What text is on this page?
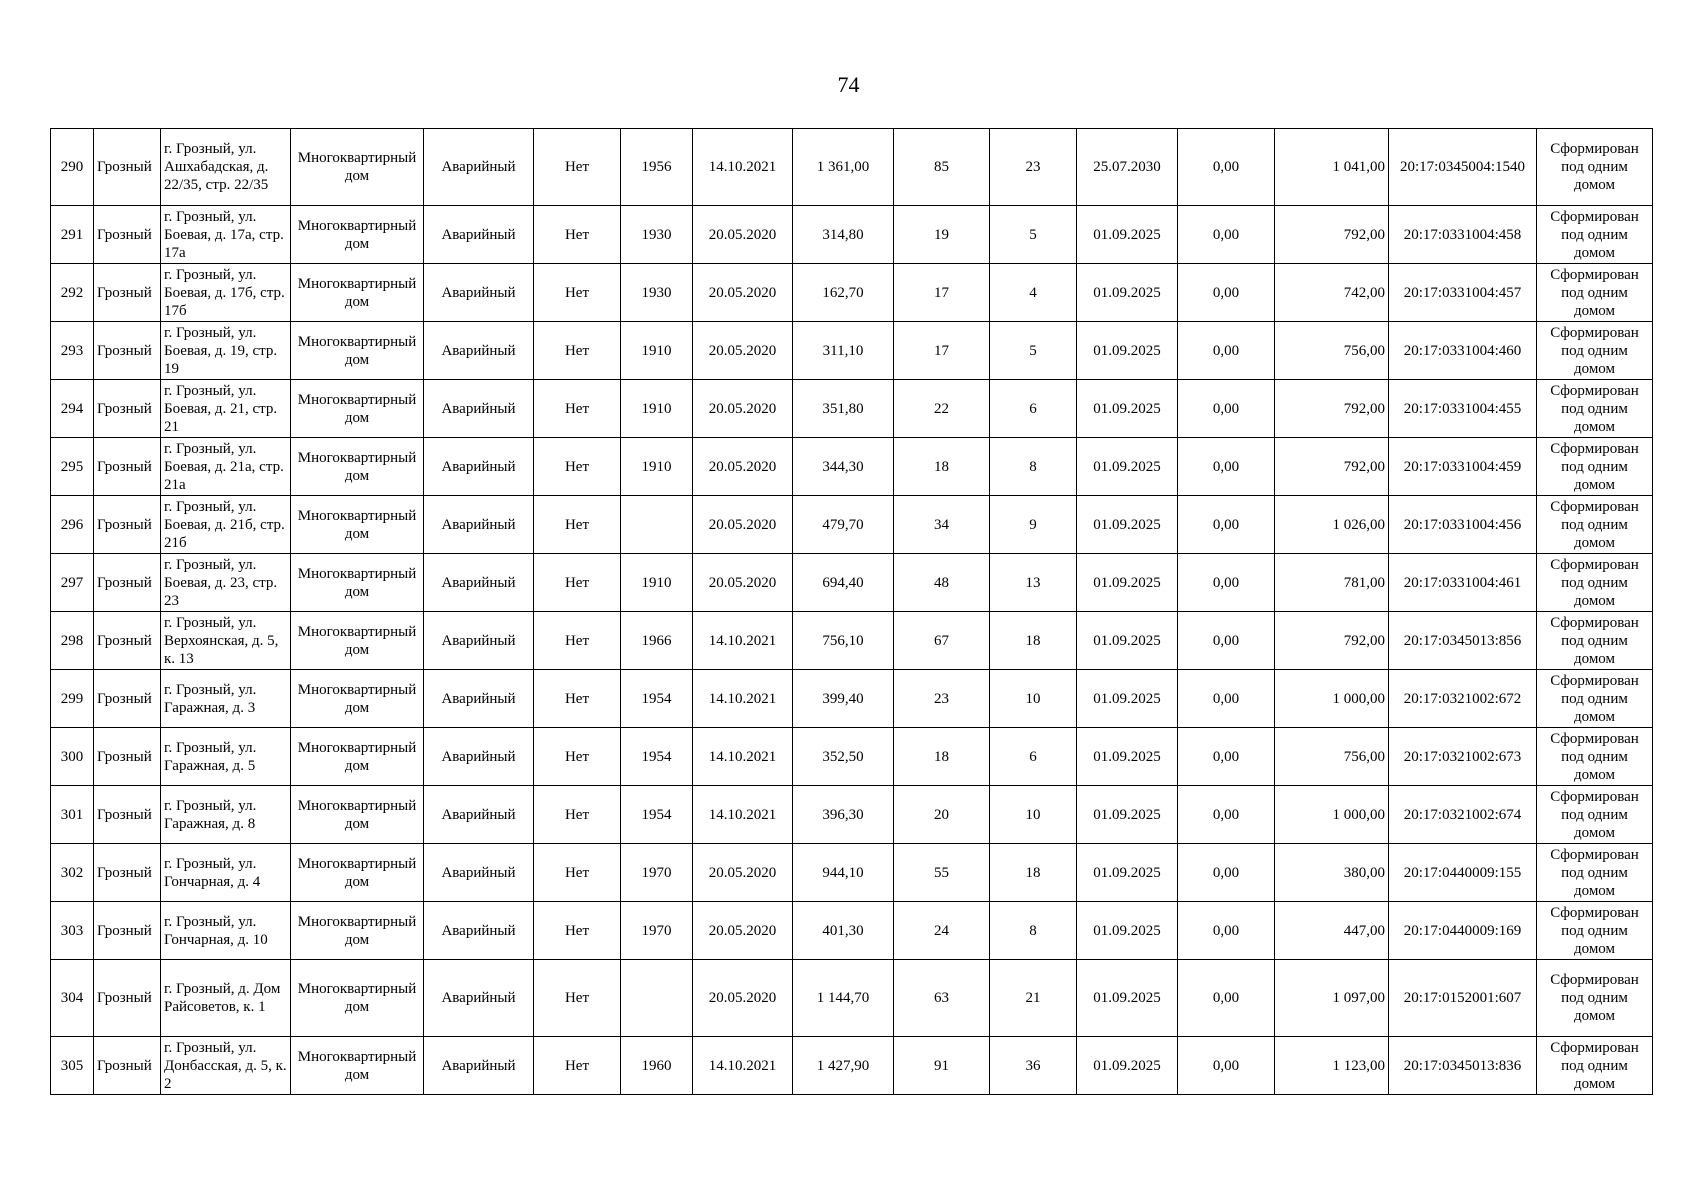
74
290	Грозный	г. Грозный, ул. Ашхабадская, д. 22/35, стр. 22/35	Многоквартирный дом	Аварийный	Нет	1956	14.10.2021	1 361,00	85	23	25.07.2030	0,00	1 041,00	20:17:0345004:1540	Сформирован под одним домом
291	Грозный	г. Грозный, ул. Боевая, д. 17а, стр. 17а	Многоквартирный дом	Аварийный	Нет	1930	20.05.2020	314,80	19	5	01.09.2025	0,00	792,00	20:17:0331004:458	Сформирован под одним домом
292	Грозный	г. Грозный, ул. Боевая, д. 17б, стр. 17б	Многоквартирный дом	Аварийный	Нет	1930	20.05.2020	162,70	17	4	01.09.2025	0,00	742,00	20:17:0331004:457	Сформирован под одним домом
293	Грозный	г. Грозный, ул. Боевая, д. 19, стр. 19	Многоквартирный дом	Аварийный	Нет	1910	20.05.2020	311,10	17	5	01.09.2025	0,00	756,00	20:17:0331004:460	Сформирован под одним домом
294	Грозный	г. Грозный, ул. Боевая, д. 21, стр. 21	Многоквартирный дом	Аварийный	Нет	1910	20.05.2020	351,80	22	6	01.09.2025	0,00	792,00	20:17:0331004:455	Сформирован под одним домом
295	Грозный	г. Грозный, ул. Боевая, д. 21а, стр. 21а	Многоквартирный дом	Аварийный	Нет	1910	20.05.2020	344,30	18	8	01.09.2025	0,00	792,00	20:17:0331004:459	Сформирован под одним домом
296	Грозный	г. Грозный, ул. Боевая, д. 21б, стр. 21б	Многоквартирный дом	Аварийный	Нет		20.05.2020	479,70	34	9	01.09.2025	0,00	1 026,00	20:17:0331004:456	Сформирован под одним домом
297	Грозный	г. Грозный, ул. Боевая, д. 23, стр. 23	Многоквартирный дом	Аварийный	Нет	1910	20.05.2020	694,40	48	13	01.09.2025	0,00	781,00	20:17:0331004:461	Сформирован под одним домом
298	Грозный	г. Грозный, ул. Верхоянская, д. 5, к. 13	Многоквартирный дом	Аварийный	Нет	1966	14.10.2021	756,10	67	18	01.09.2025	0,00	792,00	20:17:0345013:856	Сформирован под одним домом
299	Грозный	г. Грозный, ул. Гаражная, д. 3	Многоквартирный дом	Аварийный	Нет	1954	14.10.2021	399,40	23	10	01.09.2025	0,00	1 000,00	20:17:0321002:672	Сформирован под одним домом
300	Грозный	г. Грозный, ул. Гаражная, д. 5	Многоквартирный дом	Аварийный	Нет	1954	14.10.2021	352,50	18	6	01.09.2025	0,00	756,00	20:17:0321002:673	Сформирован под одним домом
301	Грозный	г. Грозный, ул. Гаражная, д. 8	Многоквартирный дом	Аварийный	Нет	1954	14.10.2021	396,30	20	10	01.09.2025	0,00	1 000,00	20:17:0321002:674	Сформирован под одним домом
302	Грозный	г. Грозный, ул. Гончарная, д. 4	Многоквартирный дом	Аварийный	Нет	1970	20.05.2020	944,10	55	18	01.09.2025	0,00	380,00	20:17:0440009:155	Сформирован под одним домом
303	Грозный	г. Грозный, ул. Гончарная, д. 10	Многоквартирный дом	Аварийный	Нет	1970	20.05.2020	401,30	24	8	01.09.2025	0,00	447,00	20:17:0440009:169	Сформирован под одним домом
304	Грозный	г. Грозный, д. Дом Райсоветов, к. 1	Многоквартирный дом	Аварийный	Нет		20.05.2020	1 144,70	63	21	01.09.2025	0,00	1 097,00	20:17:0152001:607	Сформирован под одним домом
305	Грозный	г. Грозный, ул. Донбасская, д. 5, к. 2	Многоквартирный дом	Аварийный	Нет	1960	14.10.2021	1 427,90	91	36	01.09.2025	0,00	1 123,00	20:17:0345013:836	Сформирован под одним домом
